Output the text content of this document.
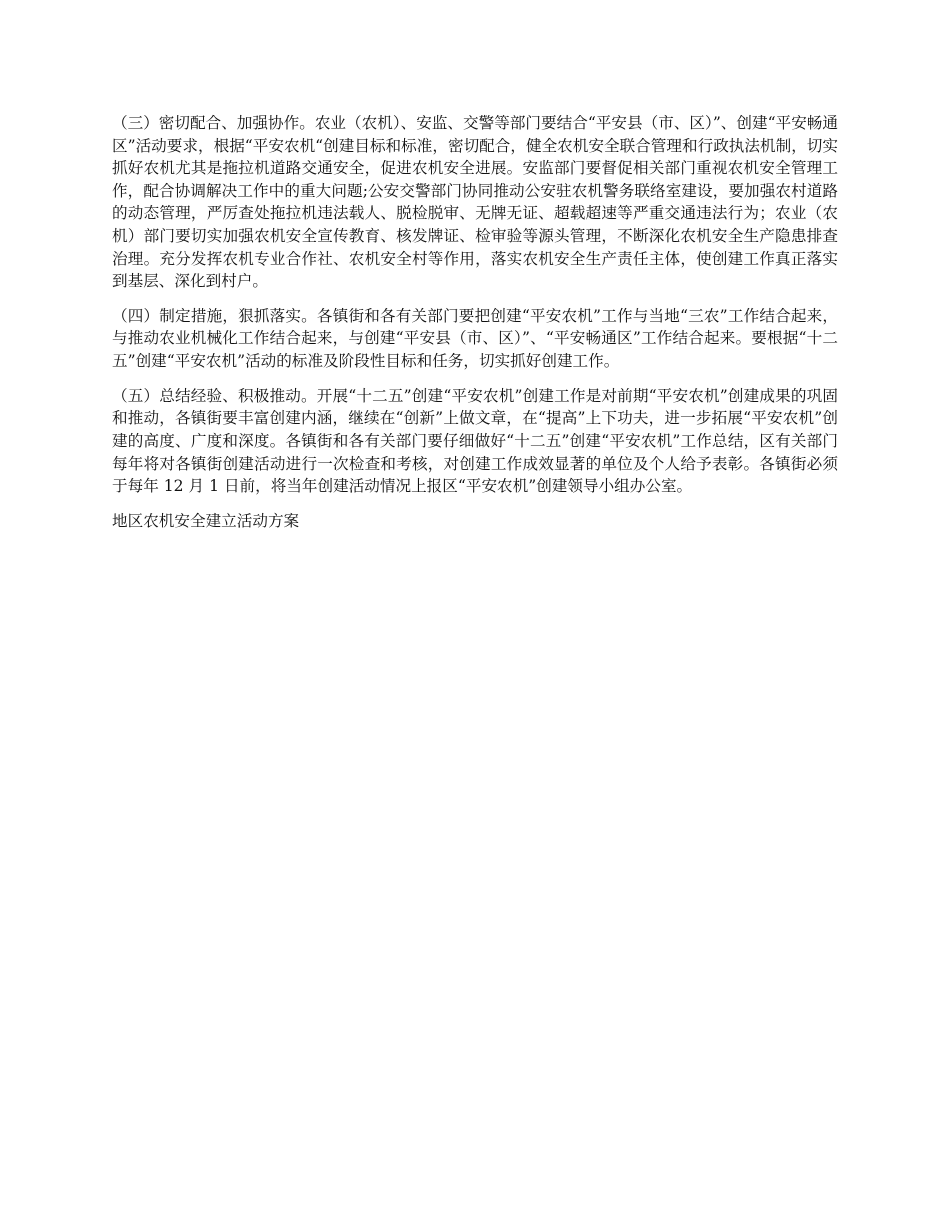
（三）密切配合、加强协作。农业（农机）、安监、交警等部门要结合“平安县（市、区）”、创建“平安畅通区”活动要求，根据“平安农机“创建目标和标准，密切配合，健全农机安全联合管理和行政执法机制，切实抓好农机尤其是拖拉机道路交通安全，促进农机安全进展。安监部门要督促相关部门重视农机安全管理工作，配合协调解决工作中的重大问题;公安交警部门协同推动公安驻农机警务联络室建设，要加强农村道路的动态管理，严厉查处拖拉机违法载人、脱检脱审、无牌无证、超载超速等严重交通违法行为；农业（农机）部门要切实加强农机安全宣传教育、核发牌证、检审验等源头管理，不断深化农机安全生产隐患排查治理。充分发挥农机专业合作社、农机安全村等作用，落实农机安全生产责任主体，使创建工作真正落实到基层、深化到村户。

（四）制定措施，狠抓落实。各镇街和各有关部门要把创建“平安农机”工作与当地“三农”工作结合起来，与推动农业机械化工作结合起来，与创建“平安县（市、区）”、“平安畅通区”工作结合起来。要根据“十二五”创建“平安农机”活动的标准及阶段性目标和任务，切实抓好创建工作。

（五）总结经验、积极推动。开展“十二五”创建“平安农机”创建工作是对前期“平安农机”创建成果的巩固和推动，各镇街要丰富创建内涵，继续在“创新”上做文章，在“提高”上下功夫，进一步拓展“平安农机”创建的高度、广度和深度。各镇街和各有关部门要仔细做好“十二五”创建“平安农机”工作总结，区有关部门每年将对各镇街创建活动进行一次检查和考核，对创建工作成效显著的单位及个人给予表彰。各镇街必须于每年 12 月 1 日前，将当年创建活动情况上报区“平安农机”创建领导小组办公室。

地区农机安全建立活动方案
